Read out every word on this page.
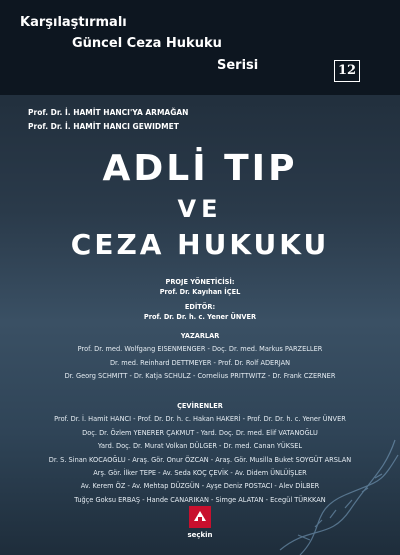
Karşılaştırmalı
Güncel Ceza Hukuku
Serisi	12
Prof. Dr. İ. HAMİT HANCI'YA ARMAĞAN
Prof. Dr. İ. HAMİT HANCI GEWIDMET
ADLİ TIP
VE
CEZA HUKUKU
PROJE YÖNETİCİSİ:
Prof. Dr. Kayıhan İÇEL
EDİTÖR:
Prof. Dr. Dr. h. c. Yener ÜNVER
YAZARLAR
Prof. Dr. med. Wolfgang EISENMENGER - Doç. Dr. med. Markus PARZELLER
Dr. med. Reinhard DETTMEYER - Prof. Dr. Rolf ADERJAN
Dr. Georg SCHMITT - Dr. Katja SCHULZ - Cornelius PRITTWITZ - Dr. Frank CZERNER
ÇEVİRENLER
Prof. Dr. İ. Hamit HANCI - Prof. Dr. Dr. h. c. Hakan HAKERİ - Prof. Dr. Dr. h. c. Yener ÜNVER
Doç. Dr. Özlem YENERER ÇAKMUT - Yard. Doç. Dr. med. Elif VATANOĞLU
Yard. Doç. Dr. Murat Volkan DÜLGER - Dr. med. Canan YÜKSEL
Dr. S. Sinan KOCAOĞLU - Araş. Gör. Onur ÖZCAN - Araş. Gör. Musilla Buket SOYGÜT ARSLAN
Arş. Gör. İlker TEPE - Av. Seda KOÇ ÇEVİK - Av. Didem ÜNLÜİŞLER
Av. Kerem ÖZ - Av. Mehtap DÜZGÜN - Ayşe Deniz POSTACI - Alev DİLBER
Tuğçe Goksu ERBAŞ - Hande CANARIKAN - Simge ALATAN - Ecegül TÜRKKAN
seçkin
